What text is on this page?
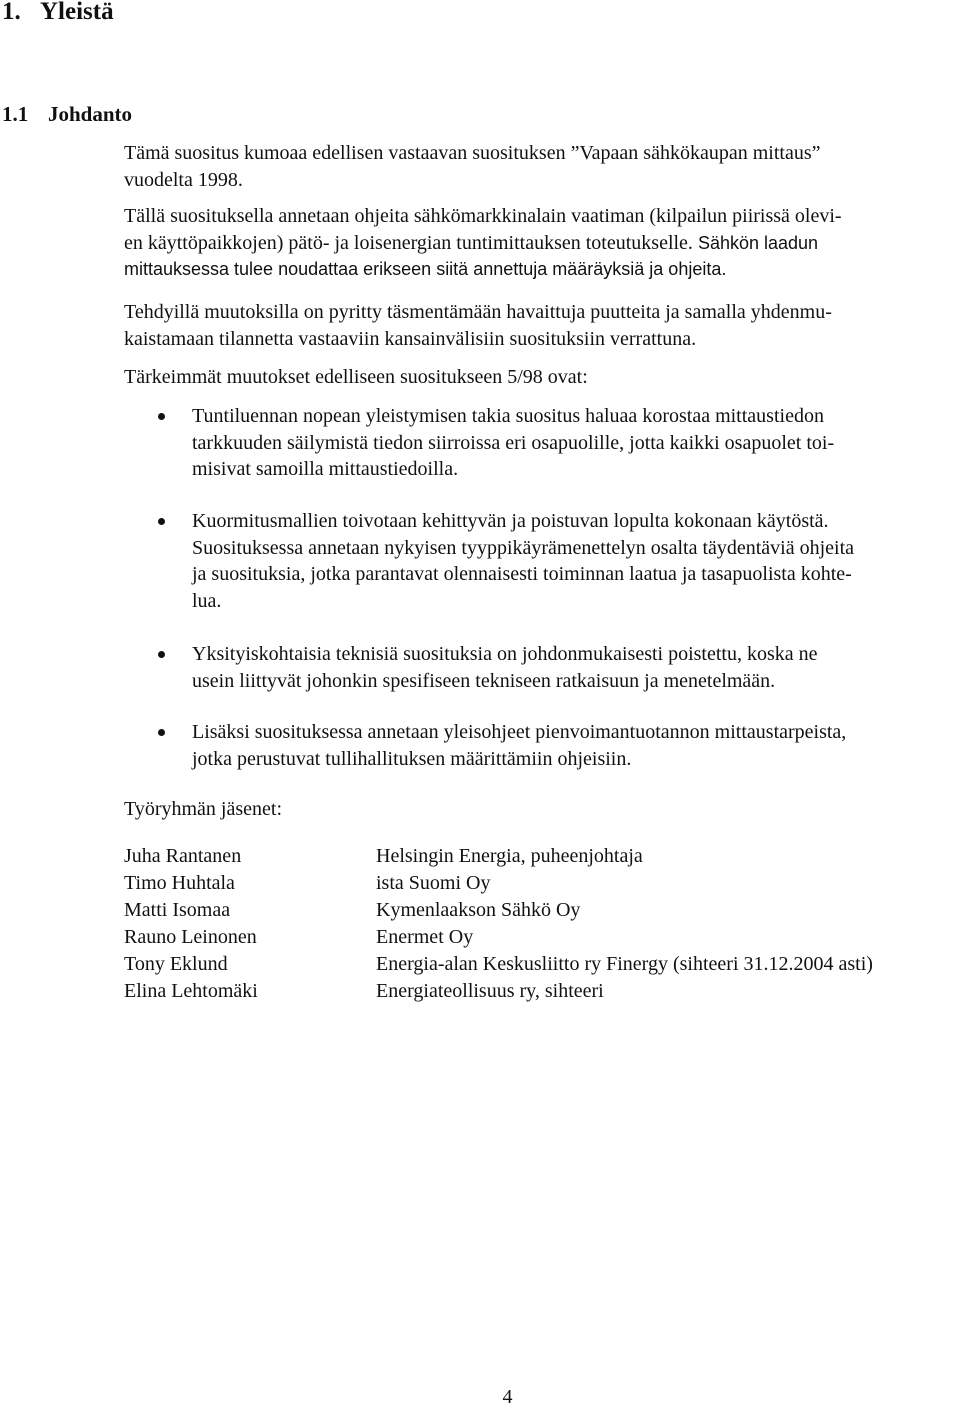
1. Yleistä
1.1 Johdanto
Tämä suositus kumoaa edellisen vastaavan suosituksen ”Vapaan sähkökaupan mittaus”
vuodelta 1998.
Tällä suosituksella annetaan ohjeita sähkömarkkinalain vaatiman (kilpailun piirissä olevi-
en käyttöpaikkojen) pätö- ja loisenergian tuntimittauksen toteutukselle. Sähkön laadun
mittauksessa tulee noudattaa erikseen siitä annettuja määräyksiä ja ohjeita.
Tehdyillä muutoksilla on pyritty täsmentämään havaittuja puutteita ja samalla yhdenmu-
kaistamaan tilannetta vastaaviin kansainvälisiin suosituksiin verrattuna.
Tärkeimmät muutokset edelliseen suositukseen 5/98 ovat:
Tuntiluennan nopean yleistymisen takia suositus haluaa korostaa mittaustiedon
tarkkuuden säilymistä tiedon siirroissa eri osapuolille, jotta kaikki osapuolet toi-
misivat samoilla mittaustiedoilla.
Kuormitusmallien toivotaan kehittyvän ja poistuvan lopulta kokonaan käytöstä.
Suosituksessa annetaan nykyisen tyyppikäyrämenettelyn osalta täydentäviä ohjeita
ja suosituksia, jotka parantavat olennaisesti toiminnan laatua ja tasapuolista kohte-
lua.
Yksityiskohtaisia teknisiä suosituksia on johdonmukaisesti poistettu, koska ne
usein liittyvät johonkin spesifiseen tekniseen ratkaisuun ja menetelmään.
Lisäksi suosituksessa annetaan yleisohjeet pienvoimantuotannon mittaustarpeista,
jotka perustuvat tullihallituksen määrittämiin ohjeisiin.
Työryhmän jäsenet:
Juha Rantanen	Helsingin Energia, puheenjohtaja
Timo Huhtala	ista Suomi Oy
Matti Isomaa	Kymenlaakson Sähkö Oy
Rauno Leinonen	Enermet Oy
Tony Eklund	Energia-alan Keskusliitto ry Finergy (sihteeri 31.12.2004 asti)
Elina Lehtomäki	Energiateollisuus ry, sihteeri
4
